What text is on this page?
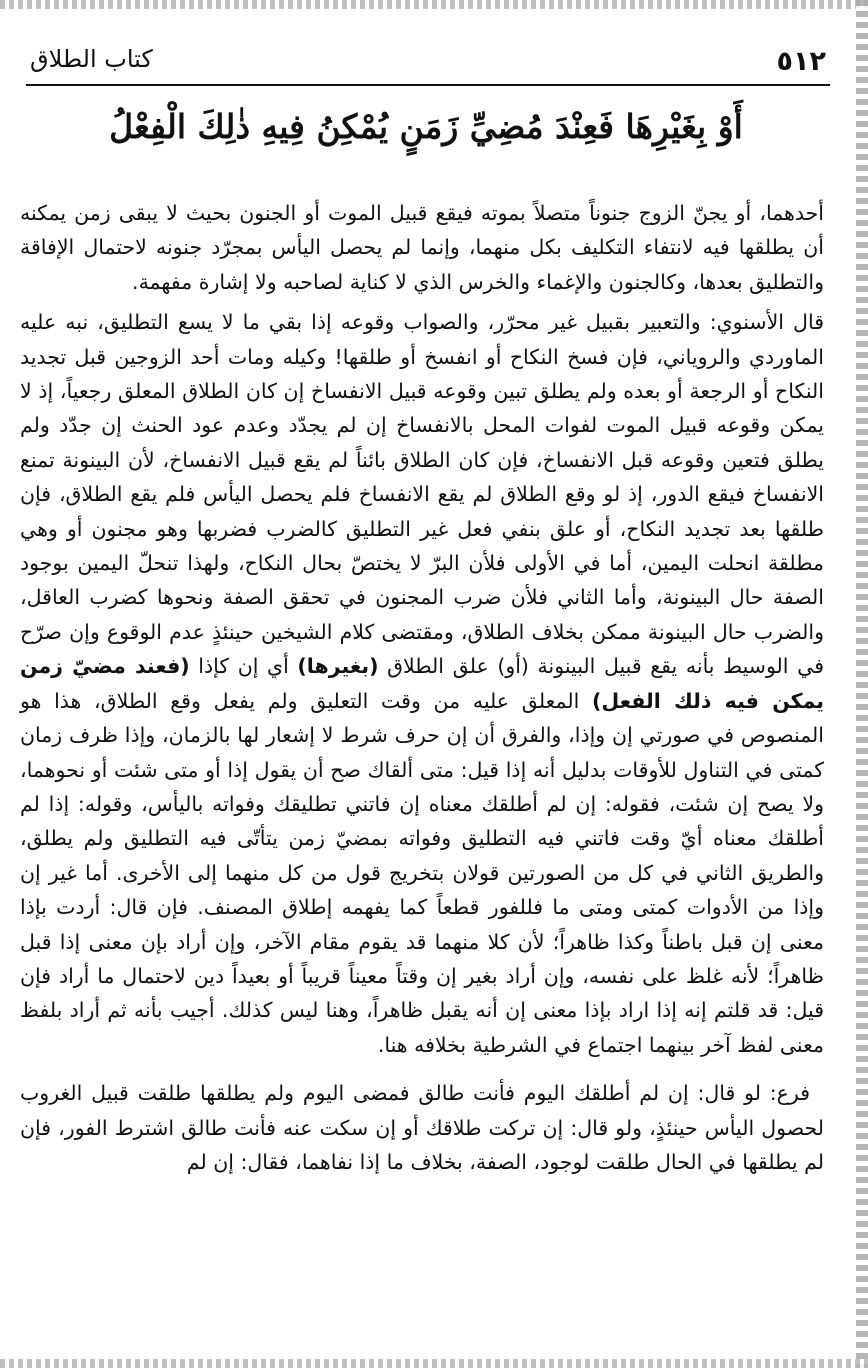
٥١٢
كتاب الطلاق
أَوْ بِغَيْرِهَا فَعِنْدَ مُضِيِّ زَمَنٍ يُمْكِنُ فِيهِ ذٰلِكَ الْفِعْلُ

أحدهما، أو يجنّ الزوج جنوناً متصلاً بموته فيقع قبيل الموت أو الجنون بحيث لا يبقى زمن يمكنه أن يطلقها فيه لانتفاء التكليف بكل منهما، وإنما لم يحصل اليأس بمجرّد جنونه لاحتمال الإفاقة والتطليق بعدها، وكالجنون والإغماء والخرس الذي لا كناية لصاحبه ولا إشارة مفهمة.

قال الأسنوي: والتعبير بقبيل غير محرّر، والصواب وقوعه إذا بقي ما لا يسع التطليق، نبه عليه الماوردي والروياني، فإن فسخ النكاح أو انفسخ أو طلقها! وكيله ومات أحد الزوجين قبل تجديد النكاح أو الرجعة أو بعده ولم يطلق تبين وقوعه قبيل الانفساخ إن كان الطلاق المعلق رجعياً، إذ لا يمكن وقوعه قبيل الموت لفوات المحل بالانفساخ إن لم يجدّد وعدم عود الحنث إن جدّد ولم يطلق فتعين وقوعه قبل الانفساخ، فإن كان الطلاق بائناً لم يقع قبيل الانفساخ، لأن البينونة تمنع الانفساخ فيقع الدور، إذ لو وقع الطلاق لم يقع الانفساخ فلم يحصل اليأس فلم يقع الطلاق، فإن طلقها بعد تجديد النكاح، أو علق بنفي فعل غير التطليق كالضرب فضربها وهو مجنون أو وهي مطلقة انحلت اليمين، أما في الأولى فلأن البرّ لا يختصّ بحال النكاح، ولهذا تنحلّ اليمين بوجود الصفة حال البينونة، وأما الثاني فلأن ضرب المجنون في تحقق الصفة ونحوها كضرب العاقل، والضرب حال البينونة ممكن بخلاف الطلاق، ومقتضى كلام الشيخين حينئذٍ عدم الوقوع وإن صرّح في الوسيط بأنه يقع قبيل البينونة (أو) علق الطلاق (بغيرها) أي إن كإذا (فعند مضيّ زمن يمكن فيه ذلك الفعل) المعلق عليه من وقت التعليق ولم يفعل وقع الطلاق، هذا هو المنصوص في صورتي إن وإذا، والفرق أن إن حرف شرط لا إشعار لها بالزمان، وإذا ظرف زمان كمتى في التناول للأوقات بدليل أنه إذا قيل: متى ألقاك صح أن يقول إذا أو متى شئت أو نحوهما، ولا يصح إن شئت، فقوله: إن لم أطلقك معناه إن فاتني تطليقك وفواته باليأس، وقوله: إذا لم أطلقك معناه أيّ وقت فاتني فيه التطليق وفواته بمضيّ زمن يتأتّى فيه التطليق ولم يطلق، والطريق الثاني في كل من الصورتين قولان بتخريج قول من كل منهما إلى الأخرى. أما غير إن وإذا من الأدوات كمتى ومتى ما فللفور قطعاً كما يفهمه إطلاق المصنف. فإن قال: أردت بإذا معنى إن قبل باطناً وكذا ظاهراً؛ لأن كلا منهما قد يقوم مقام الآخر، وإن أراد بإن معنى إذا قبل ظاهراً؛ لأنه غلظ على نفسه، وإن أراد بغير إن وقتاً معيناً قريباً أو بعيداً دين لاحتمال ما أراد فإن قيل: قد قلتم إنه إذا اراد بإذا معنى إن أنه يقبل ظاهراً، وهنا ليس كذلك. أجيب بأنه ثم أراد بلفظ معنى لفظ آخر بينهما اجتماع في الشرطية بخلافه هنا.

فرع: لو قال: إن لم أطلقك اليوم فأنت طالق فمضى اليوم ولم يطلقها طلقت قبيل الغروب لحصول اليأس حينئذٍ، ولو قال: إن تركت طلاقك أو إن سكت عنه فأنت طالق اشترط الفور، فإن لم يطلقها في الحال طلقت لوجود، الصفة، بخلاف ما إذا نفاهما، فقال: إن لم
